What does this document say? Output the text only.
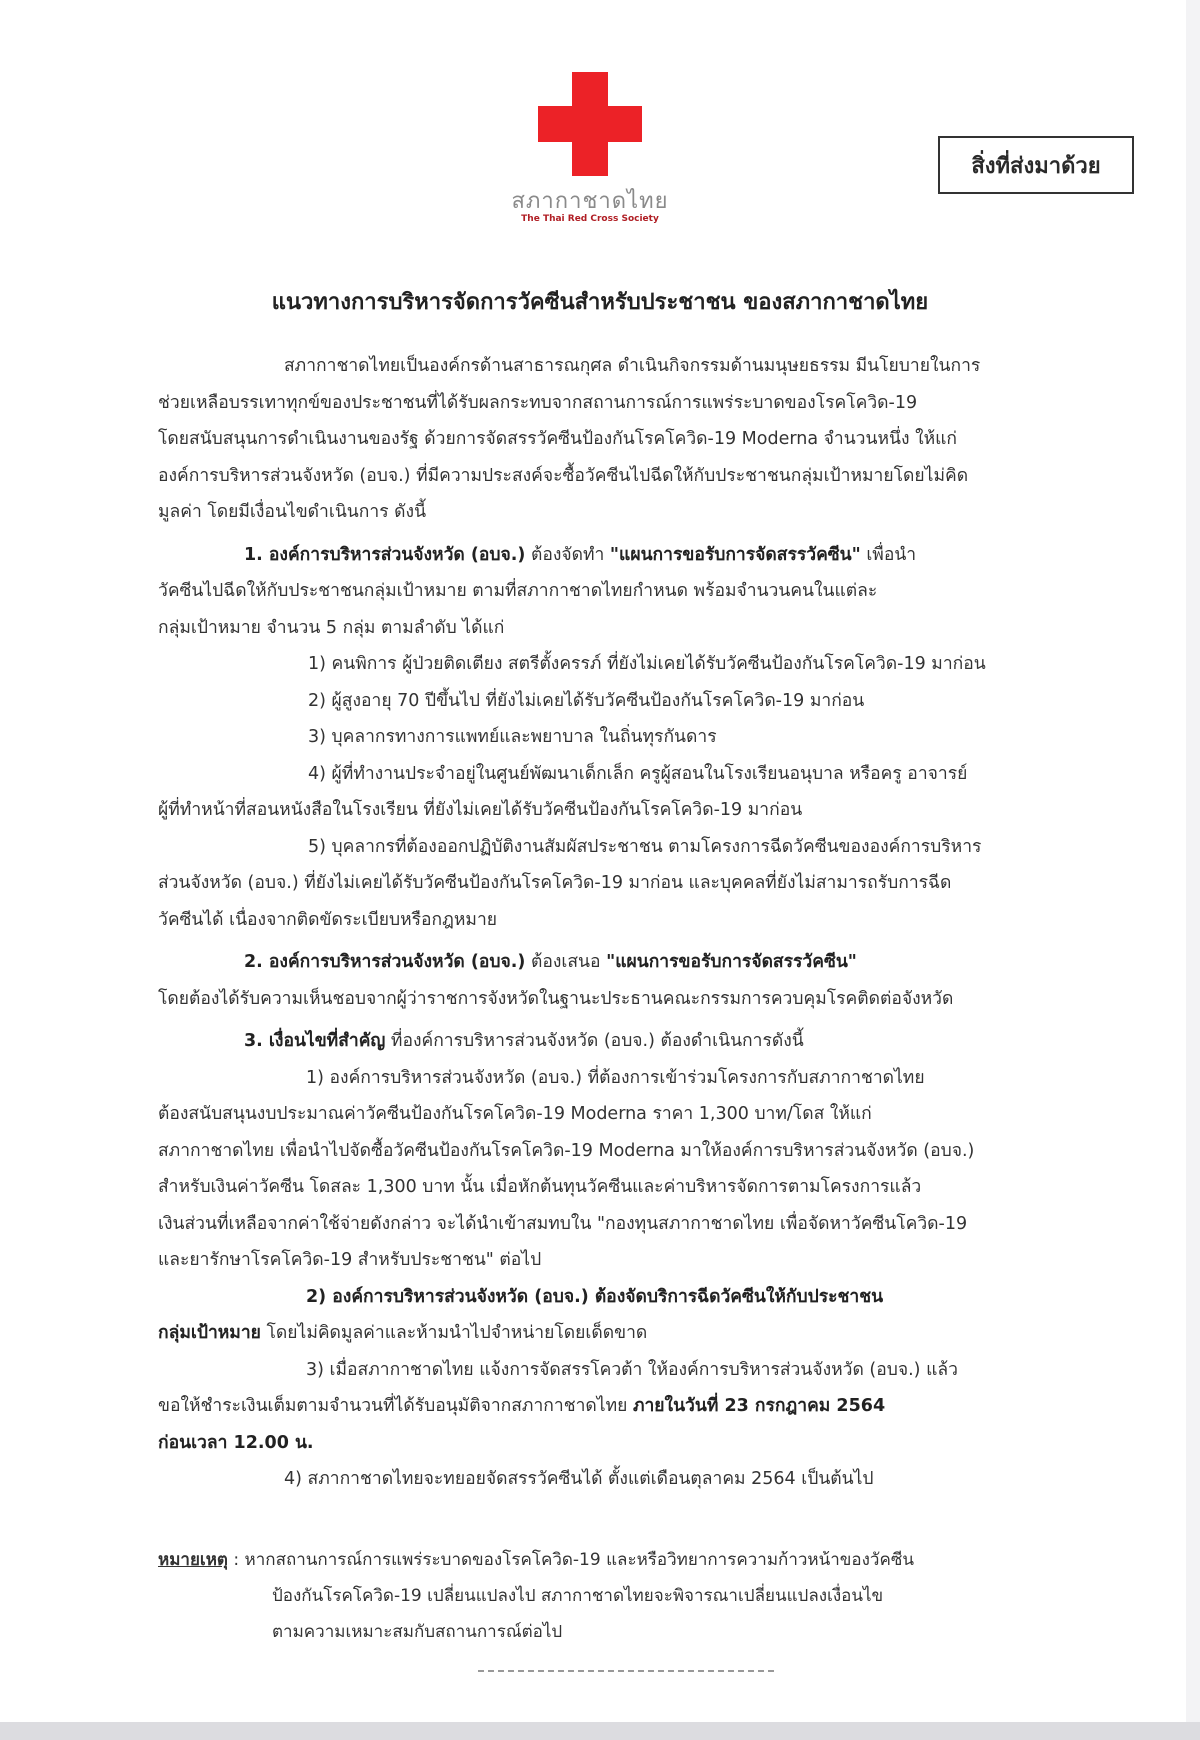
สภากาชาดไทย
The Thai Red Cross Society
สิ่งที่ส่งมาด้วย
แนวทางการบริหารจัดการวัคซีนสำหรับประชาชน ของสภากาชาดไทย
สภากาชาดไทยเป็นองค์กรด้านสาธารณกุศล ดำเนินกิจกรรมด้านมนุษยธรรม มีนโยบายในการ
ช่วยเหลือบรรเทาทุกข์ของประชาชนที่ได้รับผลกระทบจากสถานการณ์การแพร่ระบาดของโรคโควิด-19
โดยสนับสนุนการดำเนินงานของรัฐ ด้วยการจัดสรรวัคซีนป้องกันโรคโควิด-19 Moderna จำนวนหนึ่ง ให้แก่
องค์การบริหารส่วนจังหวัด (อบจ.) ที่มีความประสงค์จะซื้อวัคซีนไปฉีดให้กับประชาชนกลุ่มเป้าหมายโดยไม่คิด
มูลค่า โดยมีเงื่อนไขดำเนินการ ดังนี้
1. องค์การบริหารส่วนจังหวัด (อบจ.) ต้องจัดทำ "แผนการขอรับการจัดสรรวัคซีน" เพื่อนำ
วัคซีนไปฉีดให้กับประชาชนกลุ่มเป้าหมาย ตามที่สภากาชาดไทยกำหนด พร้อมจำนวนคนในแต่ละ
กลุ่มเป้าหมาย จำนวน 5 กลุ่ม ตามลำดับ ได้แก่
1) คนพิการ ผู้ป่วยติดเตียง สตรีตั้งครรภ์ ที่ยังไม่เคยได้รับวัคซีนป้องกันโรคโควิด-19 มาก่อน
2) ผู้สูงอายุ 70 ปีขึ้นไป ที่ยังไม่เคยได้รับวัคซีนป้องกันโรคโควิด-19 มาก่อน
3) บุคลากรทางการแพทย์และพยาบาล ในถิ่นทุรกันดาร
4) ผู้ที่ทำงานประจำอยู่ในศูนย์พัฒนาเด็กเล็ก ครูผู้สอนในโรงเรียนอนุบาล หรือครู อาจารย์
ผู้ที่ทำหน้าที่สอนหนังสือในโรงเรียน ที่ยังไม่เคยได้รับวัคซีนป้องกันโรคโควิด-19 มาก่อน
5) บุคลากรที่ต้องออกปฏิบัติงานสัมผัสประชาชน ตามโครงการฉีดวัคซีนขององค์การบริหาร
ส่วนจังหวัด (อบจ.) ที่ยังไม่เคยได้รับวัคซีนป้องกันโรคโควิด-19 มาก่อน และบุคคลที่ยังไม่สามารถรับการฉีด
วัคซีนได้ เนื่องจากติดขัดระเบียบหรือกฎหมาย
2. องค์การบริหารส่วนจังหวัด (อบจ.) ต้องเสนอ "แผนการขอรับการจัดสรรวัคซีน"
โดยต้องได้รับความเห็นชอบจากผู้ว่าราชการจังหวัดในฐานะประธานคณะกรรมการควบคุมโรคติดต่อจังหวัด
3. เงื่อนไขที่สำคัญ ที่องค์การบริหารส่วนจังหวัด (อบจ.) ต้องดำเนินการดังนี้
1) องค์การบริหารส่วนจังหวัด (อบจ.) ที่ต้องการเข้าร่วมโครงการกับสภากาชาดไทย
ต้องสนับสนุนงบประมาณค่าวัคซีนป้องกันโรคโควิด-19 Moderna ราคา 1,300 บาท/โดส ให้แก่
สภากาชาดไทย เพื่อนำไปจัดซื้อวัคซีนป้องกันโรคโควิด-19 Moderna มาให้องค์การบริหารส่วนจังหวัด (อบจ.)
สำหรับเงินค่าวัคซีน โดสละ 1,300 บาท นั้น เมื่อหักต้นทุนวัคซีนและค่าบริหารจัดการตามโครงการแล้ว
เงินส่วนที่เหลือจากค่าใช้จ่ายดังกล่าว จะได้นำเข้าสมทบใน "กองทุนสภากาชาดไทย เพื่อจัดหาวัคซีนโควิด-19
และยารักษาโรคโควิด-19 สำหรับประชาชน" ต่อไป
2) องค์การบริหารส่วนจังหวัด (อบจ.) ต้องจัดบริการฉีดวัคซีนให้กับประชาชน
กลุ่มเป้าหมาย โดยไม่คิดมูลค่าและห้ามนำไปจำหน่ายโดยเด็ดขาด
3) เมื่อสภากาชาดไทย แจ้งการจัดสรรโควต้า ให้องค์การบริหารส่วนจังหวัด (อบจ.) แล้ว
ขอให้ชำระเงินเต็มตามจำนวนที่ได้รับอนุมัติจากสภากาชาดไทย ภายในวันที่ 23 กรกฎาคม 2564
ก่อนเวลา 12.00 น.
4) สภากาชาดไทยจะทยอยจัดสรรวัคซีนได้ ตั้งแต่เดือนตุลาคม 2564 เป็นต้นไป
หมายเหตุ : หากสถานการณ์การแพร่ระบาดของโรคโควิด-19 และหรือวิทยาการความก้าวหน้าของวัคซีน
ป้องกันโรคโควิด-19 เปลี่ยนแปลงไป สภากาชาดไทยจะพิจารณาเปลี่ยนแปลงเงื่อนไข
ตามความเหมาะสมกับสถานการณ์ต่อไป
